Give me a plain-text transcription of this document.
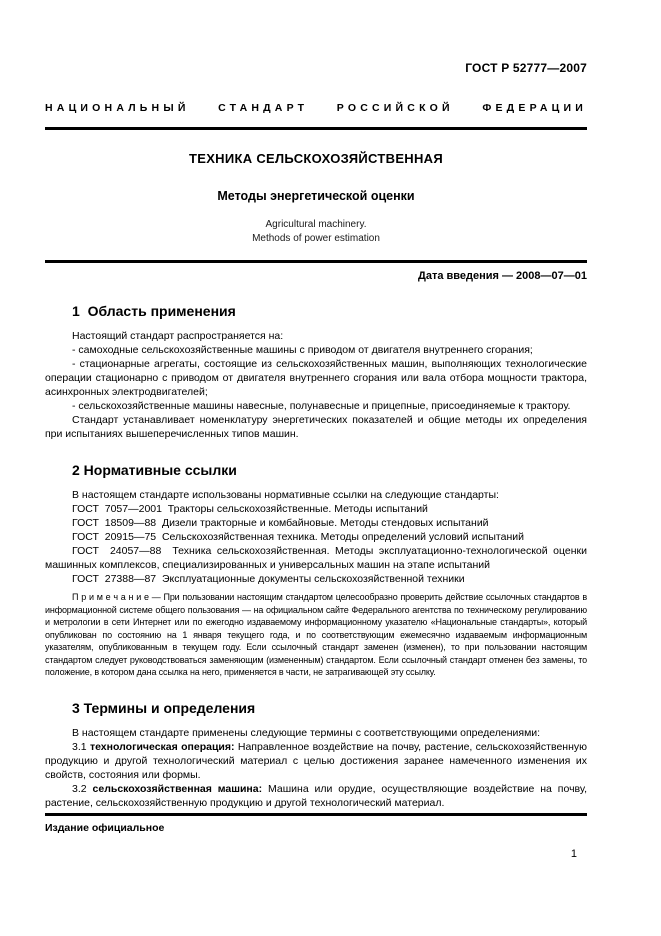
ГОСТ Р 52777—2007
НАЦИОНАЛЬНЫЙ СТАНДАРТ РОССИЙСКОЙ ФЕДЕРАЦИИ
ТЕХНИКА СЕЛЬСКОХОЗЯЙСТВЕННАЯ
Методы энергетической оценки
Agricultural machinery.
Methods of power estimation
Дата введения — 2008—07—01
1  Область применения

Настоящий стандарт распространяется на:

- самоходные сельскохозяйственные машины с приводом от двигателя внутреннего сгорания;

- стационарные агрегаты, состоящие из сельскохозяйственных машин, выполняющих технологические операции стационарно с приводом от двигателя внутреннего сгорания или вала отбора мощности трактора, асинхронных электродвигателей;

- сельскохозяйственные машины навесные, полунавесные и прицепные, присоединяемые к трактору.

Стандарт устанавливает номенклатуру энергетических показателей и общие методы их определения при испытаниях вышеперечисленных типов машин.

2 Нормативные ссылки

В настоящем стандарте использованы нормативные ссылки на следующие стандарты:

ГОСТ  7057—2001  Тракторы сельскохозяйственные. Методы испытаний

ГОСТ  18509—88  Дизели тракторные и комбайновые. Методы стендовых испытаний

ГОСТ  20915—75  Сельскохозяйственная техника. Методы определений условий испытаний

ГОСТ  24057—88  Техника сельскохозяйственная. Методы эксплуатационно-технологической оценки машинных комплексов, специализированных и универсальных машин на этапе испытаний

ГОСТ  27388—87  Эксплуатационные документы сельскохозяйственной техники

П р и м е ч а н и е — При пользовании настоящим стандартом целесообразно проверить действие ссылочных стандартов в информационной системе общего пользования — на официальном сайте Федерального агентства по техническому регулированию и метрологии в сети Интернет или по ежегодно издаваемому информационному указателю «Национальные стандарты», который опубликован по состоянию на 1 января текущего года, и по соответствующим ежемесячно издаваемым информационным указателям, опубликованным в текущем году. Если ссылочный стандарт заменен (изменен), то при пользовании настоящим стандартом следует руководствоваться заменяющим (измененным) стандартом. Если ссылочный стандарт отменен без замены, то положение, в котором дана ссылка на него, применяется в части, не затрагивающей эту ссылку.

3 Термины и определения

В настоящем стандарте применены следующие термины с соответствующими определениями:

3.1 технологическая операция: Направленное воздействие на почву, растение, сельскохозяйственную продукцию и другой технологический материал с целью достижения заранее намеченного изменения их свойств, состояния или формы.

3.2 сельскохозяйственная машина: Машина или орудие, осуществляющие воздействие на почву, растение, сельскохозяйственную продукцию и другой технологический материал.

Издание официальное
1
